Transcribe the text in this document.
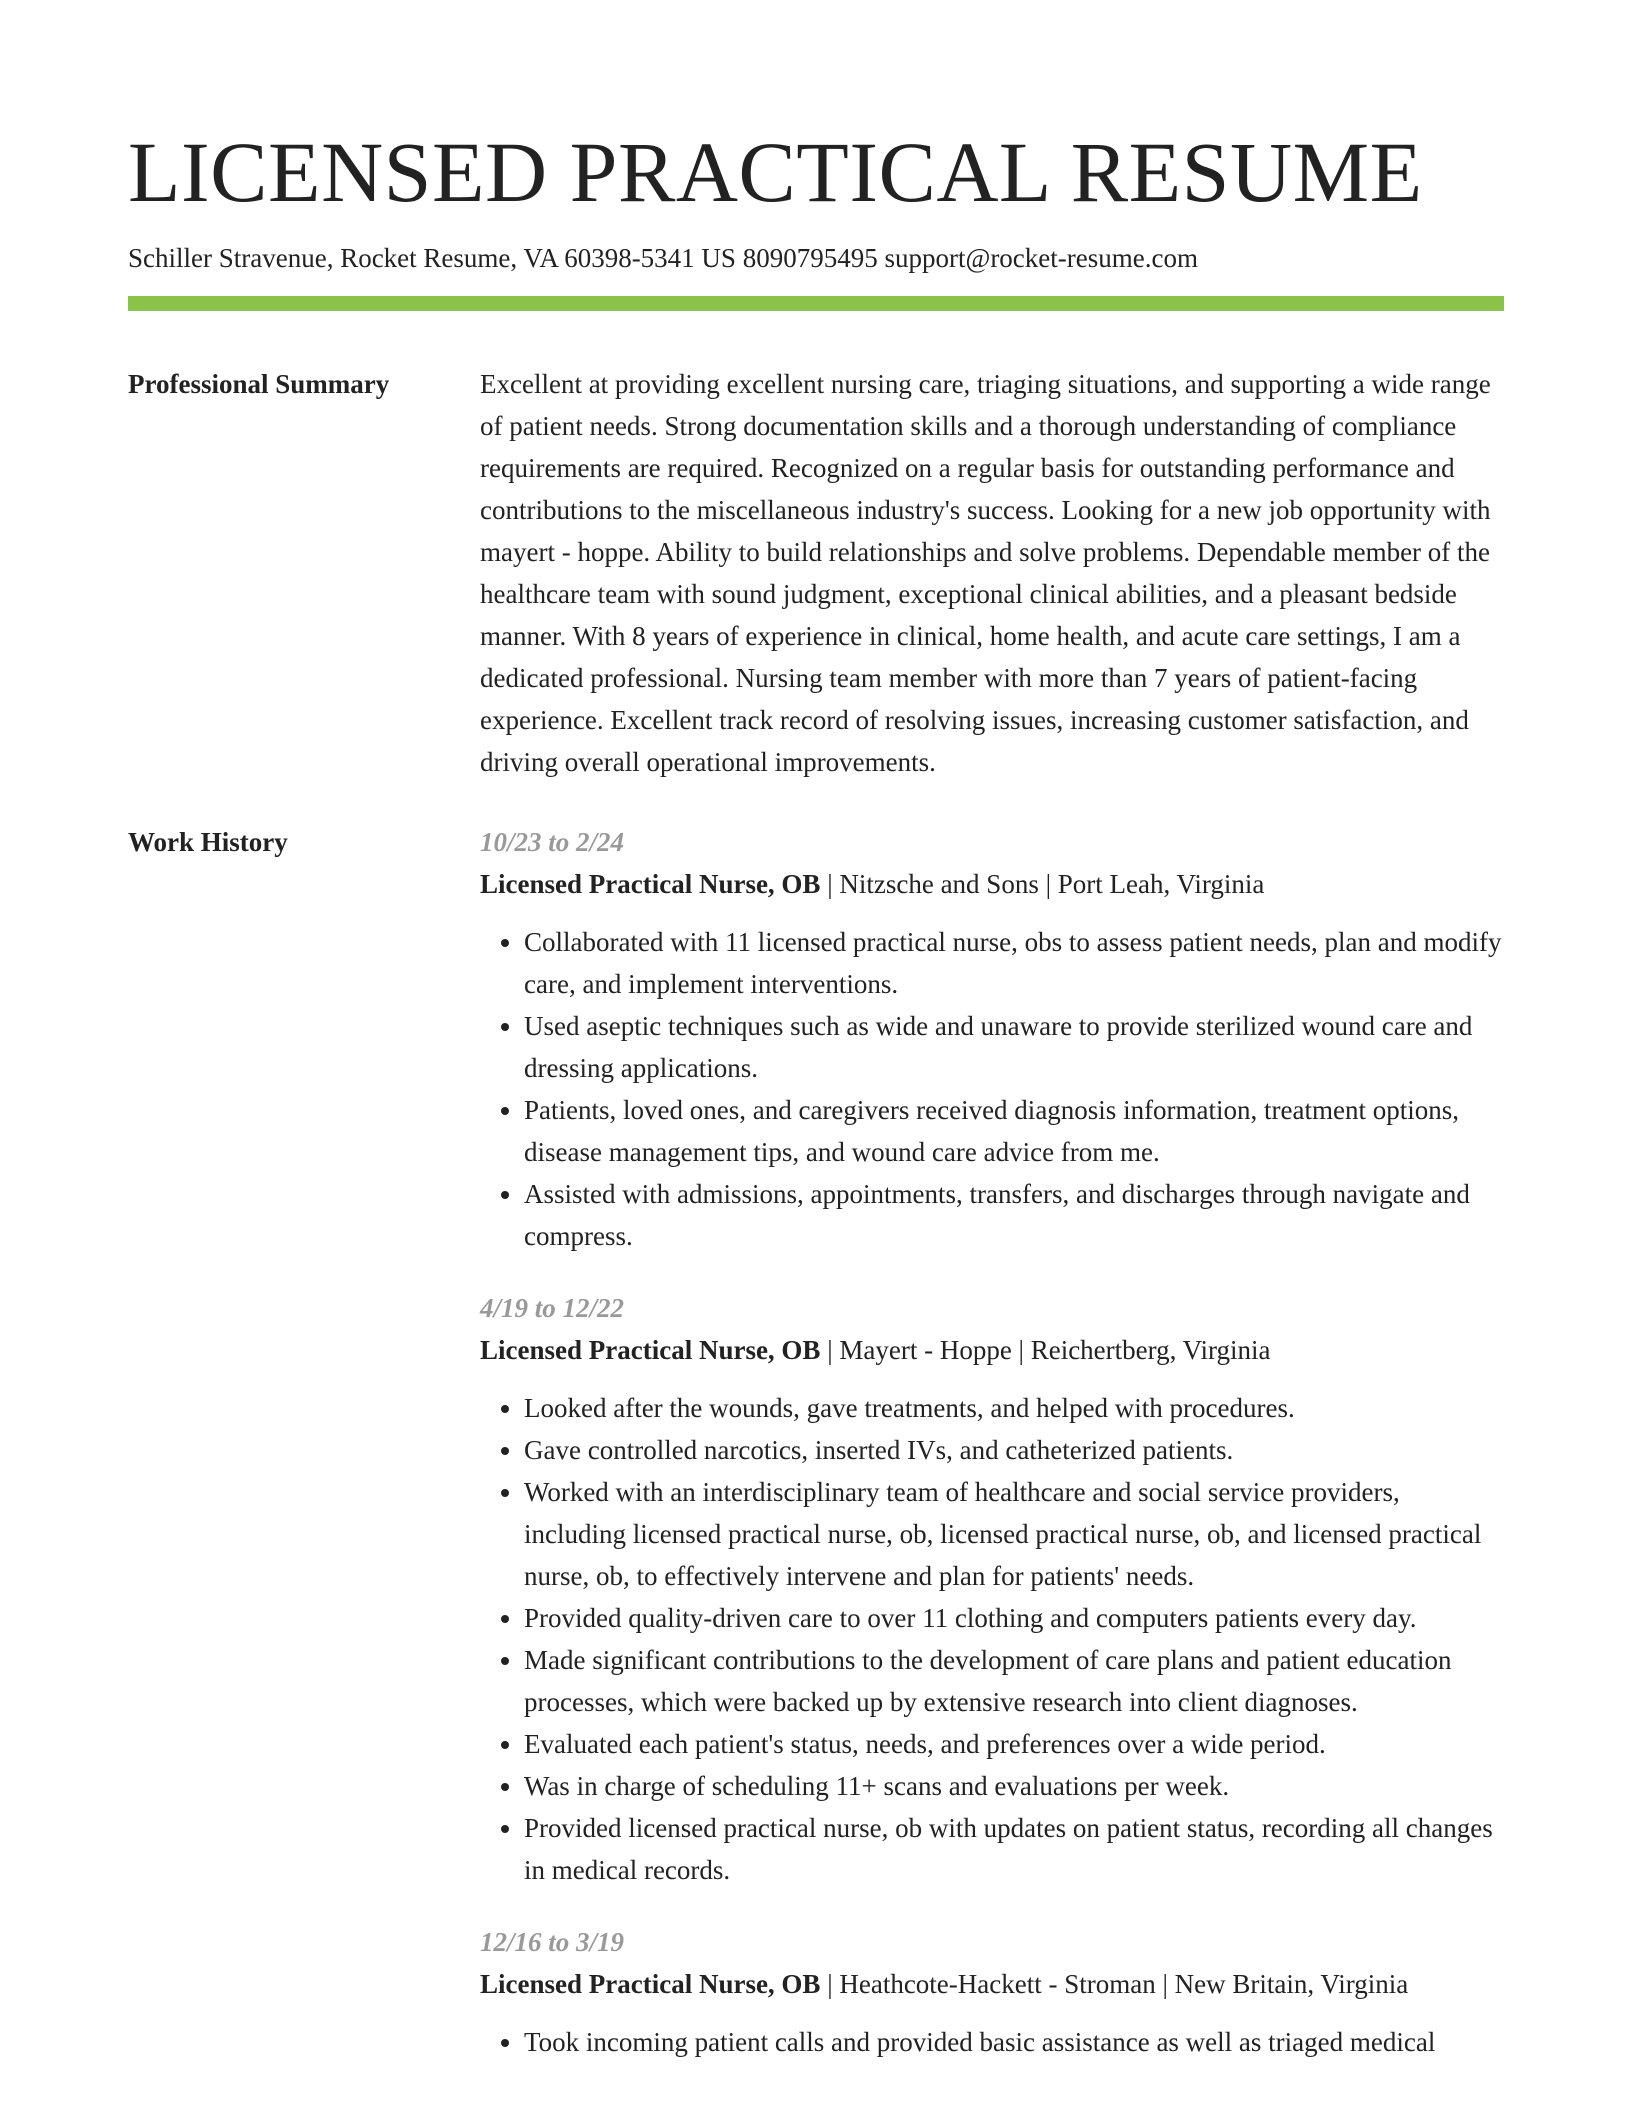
LICENSED PRACTICAL RESUME
Schiller Stravenue, Rocket Resume, VA 60398-5341 US 8090795495 support@rocket-resume.com
Professional Summary	Excellent at providing excellent nursing care, triaging situations, and supporting a wide range of patient needs. Strong documentation skills and a thorough understanding of compliance requirements are required. Recognized on a regular basis for outstanding performance and contributions to the miscellaneous industry's success. Looking for a new job opportunity with mayert - hoppe. Ability to build relationships and solve problems. Dependable member of the healthcare team with sound judgment, exceptional clinical abilities, and a pleasant bedside manner. With 8 years of experience in clinical, home health, and acute care settings, I am a dedicated professional. Nursing team member with more than 7 years of patient-facing experience. Excellent track record of resolving issues, increasing customer satisfaction, and driving overall operational improvements.

Work History	10/23 to 2/24
Licensed Practical Nurse, OB | Nitzsche and Sons | Port Leah, Virginia
• Collaborated with 11 licensed practical nurse, obs to assess patient needs, plan and modify care, and implement interventions.
• Used aseptic techniques such as wide and unaware to provide sterilized wound care and dressing applications.
• Patients, loved ones, and caregivers received diagnosis information, treatment options, disease management tips, and wound care advice from me.
• Assisted with admissions, appointments, transfers, and discharges through navigate and compress.
4/19 to 12/22
Licensed Practical Nurse, OB | Mayert - Hoppe | Reichertberg, Virginia
• Looked after the wounds, gave treatments, and helped with procedures.
• Gave controlled narcotics, inserted IVs, and catheterized patients.
• Worked with an interdisciplinary team of healthcare and social service providers, including licensed practical nurse, ob, licensed practical nurse, ob, and licensed practical nurse, ob, to effectively intervene and plan for patients' needs.
• Provided quality-driven care to over 11 clothing and computers patients every day.
• Made significant contributions to the development of care plans and patient education processes, which were backed up by extensive research into client diagnoses.
• Evaluated each patient's status, needs, and preferences over a wide period.
• Was in charge of scheduling 11+ scans and evaluations per week.
• Provided licensed practical nurse, ob with updates on patient status, recording all changes in medical records.
12/16 to 3/19
Licensed Practical Nurse, OB | Heathcote-Hackett - Stroman | New Britain, Virginia
• Took incoming patient calls and provided basic assistance as well as triaged medical
